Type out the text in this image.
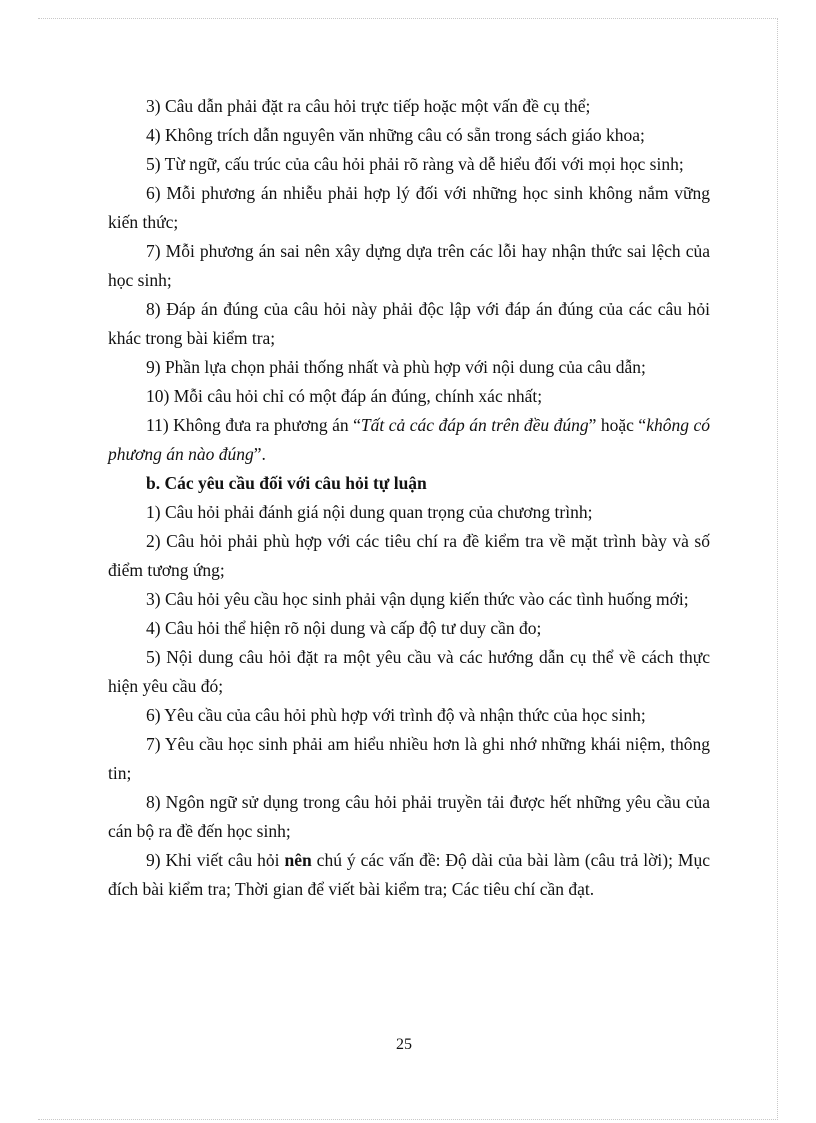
3) Câu dẫn phải đặt ra câu hỏi trực tiếp hoặc một vấn đề cụ thể;

4) Không trích dẫn nguyên văn những câu có sẵn trong sách giáo khoa;

5) Từ ngữ, cấu trúc của câu hỏi phải rõ ràng và dễ hiểu đối với mọi học sinh;

6) Mỗi phương án nhiễu phải hợp lý đối với những học sinh không nắm vững kiến thức;

7) Mỗi phương án sai nên xây dựng dựa trên các lỗi hay nhận thức sai lệch của học sinh;

8) Đáp án đúng của câu hỏi này phải độc lập với đáp án đúng của các câu hỏi khác trong bài kiểm tra;

9) Phần lựa chọn phải thống nhất và phù hợp với nội dung của câu dẫn;

10) Mỗi câu hỏi chỉ có một đáp án đúng, chính xác nhất;

11) Không đưa ra phương án “Tất cả các đáp án trên đều đúng” hoặc “không có phương án nào đúng”.

b. Các yêu cầu đối với câu hỏi tự luận

1) Câu hỏi phải đánh giá nội dung quan trọng của chương trình;

2) Câu hỏi phải phù hợp với các tiêu chí ra đề kiểm tra về mặt trình bày và số điểm tương ứng;

3) Câu hỏi yêu cầu học sinh phải vận dụng kiến thức vào các tình huống mới;

4) Câu hỏi thể hiện rõ nội dung và cấp độ tư duy cần đo;

5) Nội dung câu hỏi đặt ra một yêu cầu và các hướng dẫn cụ thể về cách thực hiện yêu cầu đó;

6) Yêu cầu của câu hỏi phù hợp với trình độ và nhận thức của học sinh;

7) Yêu cầu học sinh phải am hiểu nhiều hơn là ghi nhớ những khái niệm, thông tin;

8) Ngôn ngữ sử dụng trong câu hỏi phải truyền tải được hết những yêu cầu của cán bộ ra đề đến học sinh;

9) Khi viết câu hỏi nên chú ý các vấn đề: Độ dài của bài làm (câu trả lời); Mục đích bài kiểm tra; Thời gian để viết bài kiểm tra; Các tiêu chí cần đạt.

25
